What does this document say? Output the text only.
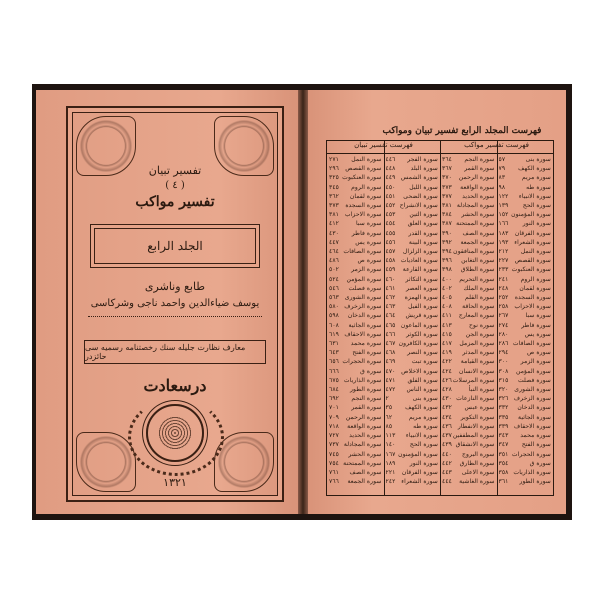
تفسير تبيان
( ٤ )
تفسير مواكب
الجلد الرابع
طابع وناشرى
يوسف ضياءالدين واحمد ناجى وشركاسى
معارف نظارت جليله سنك رخصتنامه رسميه سى حائزدر
درسعادت
١٣٢١
فهرست المجلد الرابع تفسير تبيان ومواكب
فهرست تفسير مواكب
٥٧	سورة بنى
٧٩	سورة الكهف
٨٣	سورة مريم
٩٨	سورة طه
١٢٢	سورة الانبياء
١٣٩	سورة الحج
١٥٢ سورة المؤمنون
١٦٦	سورة النور
١٨٣	سورة الفرقان
١٩٣ سورة الشعراء
٢١٢	سورة النمل
٢٢٧	سورة القصص
٢٣٣ سورة العنكبوت
٢٤١	سورة الروم
٢٤٨	سورة لقمان
٢٥٢	سورة السجدة
٢٥٨ سورة الاحزاب
٢٦٧	سورة سبا
٢٧٤	سورة فاطر
٢٨٠	سورة يس
٢٨٦ سورة الصافات
٢٩٤	سورة ص
٣٠٠	سورة الزمر
٣٠٨	سورة المؤمن
٣١٥	سورة فصلت
٣٢٠ سورة الشورى
٣٢٦ سورة الزخرف
٣٣٢	سورة الدخان
٣٣٥	سورة الجاثية
٣٣٩ سورة الاحقاف
٣٤٣	سورة محمد
٣٤٧	سورة الفتح
٣٥١ سورة الحجرات
٣٥٤	سورة ق
٣٥٨ سورة الذاريات
٣٦١	سورة الطور
٣٦٤	سورة النجم
٣٦٧	سورة القمر
٣٧٠	سورة الرحمن
٣٧٣	سورة الواقعة
٣٧٧	سورة الحديد
٣٨١ سورة المجادلة
٣٨٤	سورة الحشر
٣٨٧ سورة الممتحنة
٣٩٠	سورة الصف
٣٩٢	سورة الجمعة
٣٩٤ سورة المنافقون
٣٩٦	سورة التغابن
٣٩٨	سورة الطلاق
٤٠٠	سورة التحريم
٤٠٢	سورة الملك
٤٠٥	سورة القلم
٤٠٨	سورة الحاقة
٤١١	سورة المعارج
٤١٣	سورة نوح
٤١٥	سورة الجن
٤١٧	سورة المزمل
٤١٩	سورة المدثر
٤٢٢	سورة القيامة
٤٢٤	سورة الانسان
٤٢٦ سورة المرسلات
٤٢٨	سورة النبأ
٤٣٠ سورة النازعات
٤٣٢	سورة عبس
٤٣٤	سورة التكوير
٤٣٦ سورة الانفطار
٤٣٧ سورة المطففين
٤٣٩ سورة الانشقاق
٤٤٠	سورة البروج
٤٤٢	سورة الطارق
٤٤٣	سورة الاعلى
٤٤٤	سورة الغاشية
فهرست تفسير تبيان
٤٤٦	سورة الفجر
٤٤٨	سورة البلد
٤٤٩ سورة الشمس
٤٥٠	سورة الليل
٤٥١	سورة الضحى
٤٥٢ سورة الانشراح
٤٥٣	سورة التين
٤٥٤	سورة العلق
٤٥٥	سورة القدر
٤٥٦	سورة البينة
٤٥٧	سورة الزلزال
٤٥٨ سورة العاديات
٤٥٩	سورة القارعة
٤٦٠	سورة التكاثر
٤٦١	سورة العصر
٤٦٢	سورة الهمزة
٤٦٣	سورة الفيل
٤٦٤	سورة قريش
٤٦٥ سورة الماعون
٤٦٦	سورة الكوثر
٤٦٧ سورة الكافرون
٤٦٨	سورة النصر
٤٦٩	سورة تبت
٤٧٠ سورة الاخلاص
٤٧١	سورة الفلق
٤٧٢	سورة الناس
٢	سورة بنى
٣٥	سورة الكهف
٦٢	سورة مريم
٨٥	سورة طه
١١٣	سورة الانبياء
١٤٠	سورة الحج
١٦٧ سورة المؤمنون
١٨٩	سورة النور
٢٢١	سورة الفرقان
٢٤٢ سورة الشعراء
٢٧١	سورة النمل
٢٩٦	سورة القصص
٣٢٥ سورة العنكبوت
٣٤٥	سورة الروم
٣٦٢	سورة لقمان
٣٧٣	سورة السجدة
٣٨١ سورة الاحزاب
٤١٢	سورة سبا
٤٣٠	سورة فاطر
٤٤٧	سورة يس
٤٦٤ سورة الصافات
٤٨٦	سورة ص
٥٠٢	سورة الزمر
٥٢٤	سورة المؤمن
٥٤٦	سورة فصلت
٥٦٣ سورة الشورى
٥٨٠ سورة الزخرف
٥٩٨	سورة الدخان
٦٠٨	سورة الجاثية
٦١٩ سورة الاحقاف
٦٣١	سورة محمد
٦٤٣	سورة الفتح
٦٥٦ سورة الحجرات
٦٦٦	سورة ق
٦٧٥ سورة الذاريات
٦٨٤	سورة الطور
٦٩٢	سورة النجم
٧٠١	سورة القمر
٧٠٩	سورة الرحمن
٧١٨	سورة الواقعة
٧٢٧	سورة الحديد
٧٣٧ سورة المجادلة
٧٤٥	سورة الحشر
٧٥٤ سورة الممتحنة
٧٦١	سورة الصف
٧٦٦	سورة الجمعة
